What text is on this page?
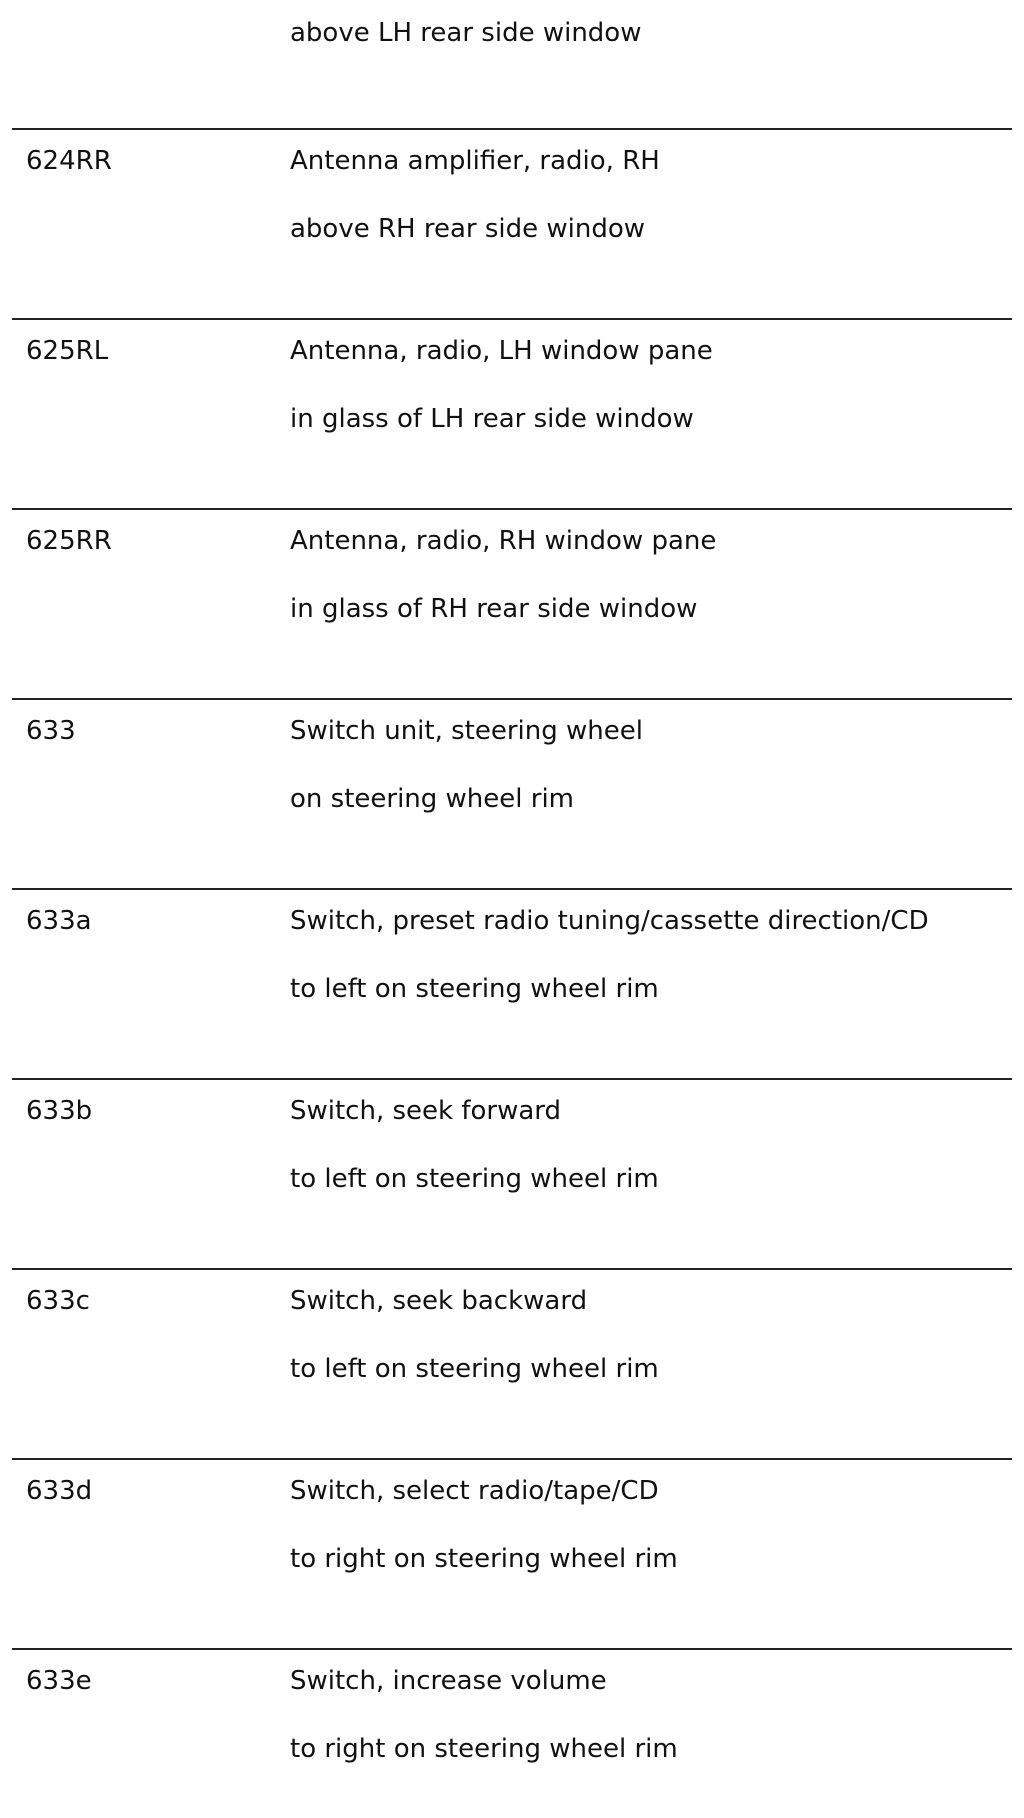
above LH rear side window
624RR	Antenna amplifier, radio, RH
above RH rear side window
625RL	Antenna, radio, LH window pane
in glass of LH rear side window
625RR	Antenna, radio, RH window pane
in glass of RH rear side window
633	Switch unit, steering wheel
on steering wheel rim
633a	Switch, preset radio tuning/cassette direction/CD
to left on steering wheel rim
633b	Switch, seek forward
to left on steering wheel rim
633c	Switch, seek backward
to left on steering wheel rim
633d	Switch, select radio/tape/CD
to right on steering wheel rim
633e	Switch, increase volume
to right on steering wheel rim
